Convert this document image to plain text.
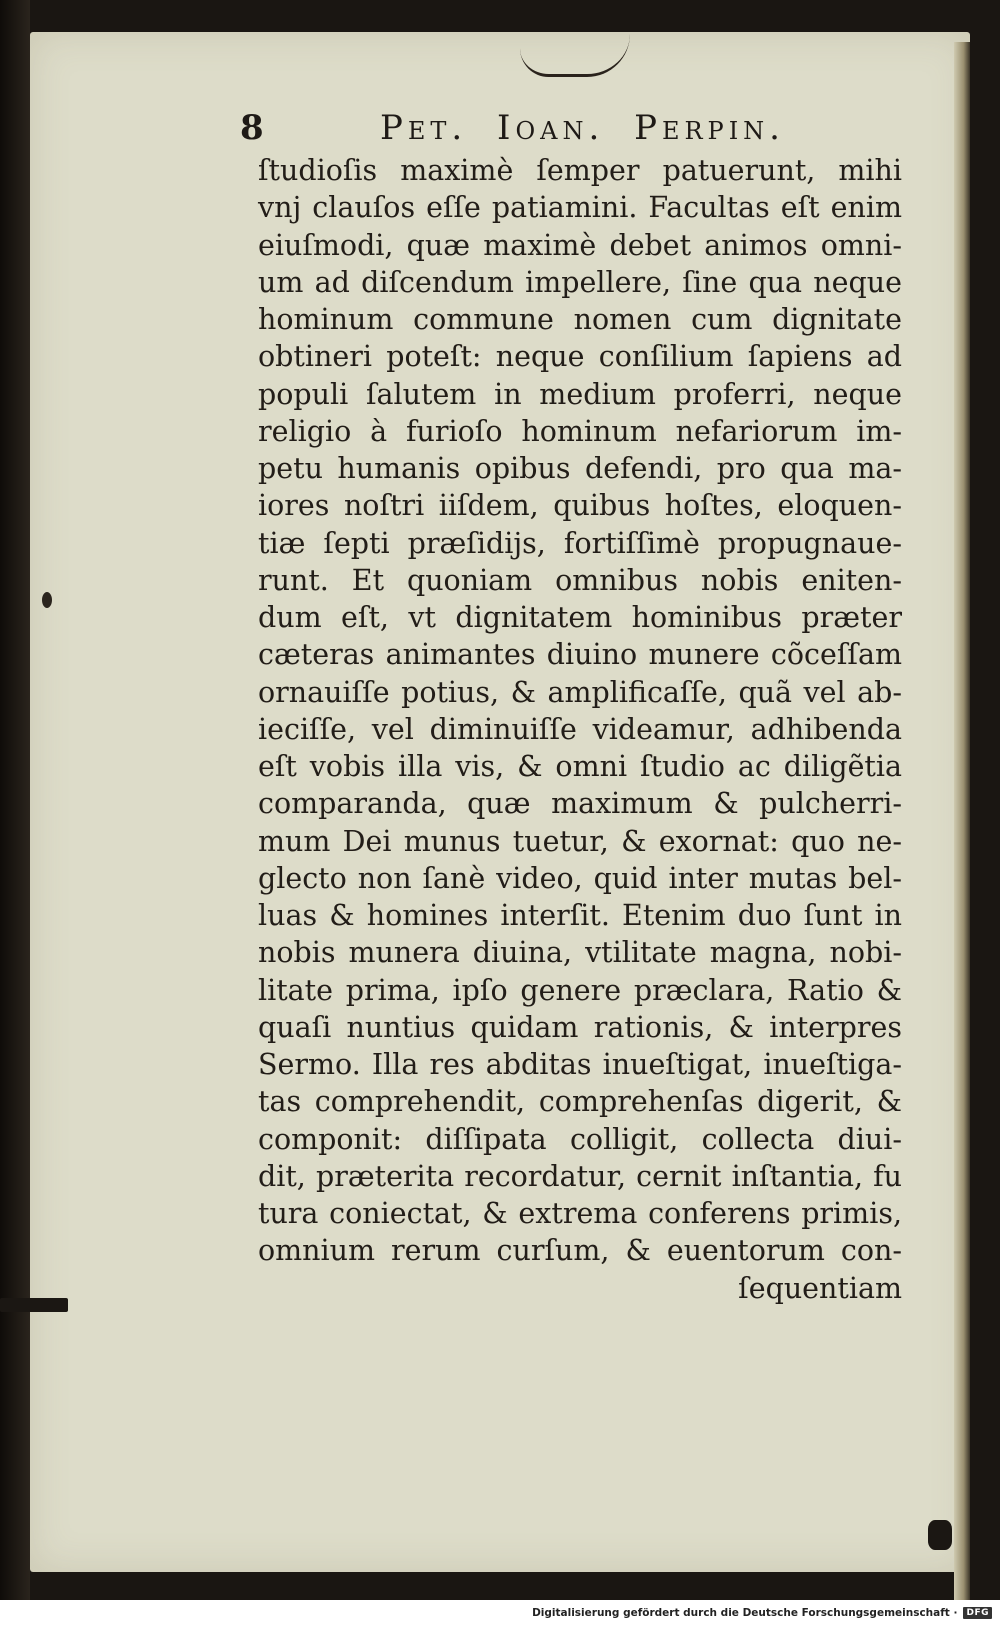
8	Pet. Ioan. Perpin.
ſtudioſis maximè ſemper patuerunt, mihi
vnj clauſos eſſe patiamini. Facultas eſt enim
eiuſmodi, quæ maximè debet animos omni-
um ad diſcendum impellere, ſine qua neque
hominum commune nomen cum dignitate
obtineri poteſt: neque conſilium ſapiens ad
populi ſalutem in medium proferri, neque
religio à furioſo hominum nefariorum im-
petu humanis opibus defendi, pro qua ma-
iores noſtri iiſdem, quibus hoſtes, eloquen-
tiæ ſepti præſidijs, fortiſſimè propugnaue-
runt. Et quoniam omnibus nobis eniten-
dum eſt, vt dignitatem hominibus præter
cæteras animantes diuino munere cõceſſam
ornauiſſe potius, & amplificaſſe, quã vel ab-
ieciſſe, vel diminuiſſe videamur, adhibenda
eſt vobis illa vis, & omni ſtudio ac diligẽtia
comparanda, quæ maximum & pulcherri-
mum Dei munus tuetur, & exornat: quo ne-
glecto non ſanè video, quid inter mutas bel-
luas & homines interſit. Etenim duo ſunt in
nobis munera diuina, vtilitate magna, nobi-
litate prima, ipſo genere præclara, Ratio &
quaſi nuntius quidam rationis, & interpres
Sermo. Illa res abditas inueſtigat, inueſtiga-
tas comprehendit, comprehenſas digerit, &
componit: diſſipata colligit, collecta diui-
dit, præterita recordatur, cernit inſtantia, fu
tura coniectat, & extrema conferens primis,
omnium rerum curſum, & euentorum con-
ſequentiam
Digitalisierung gefördert durch die Deutsche Forschungsgemeinschaft ·	DFG
